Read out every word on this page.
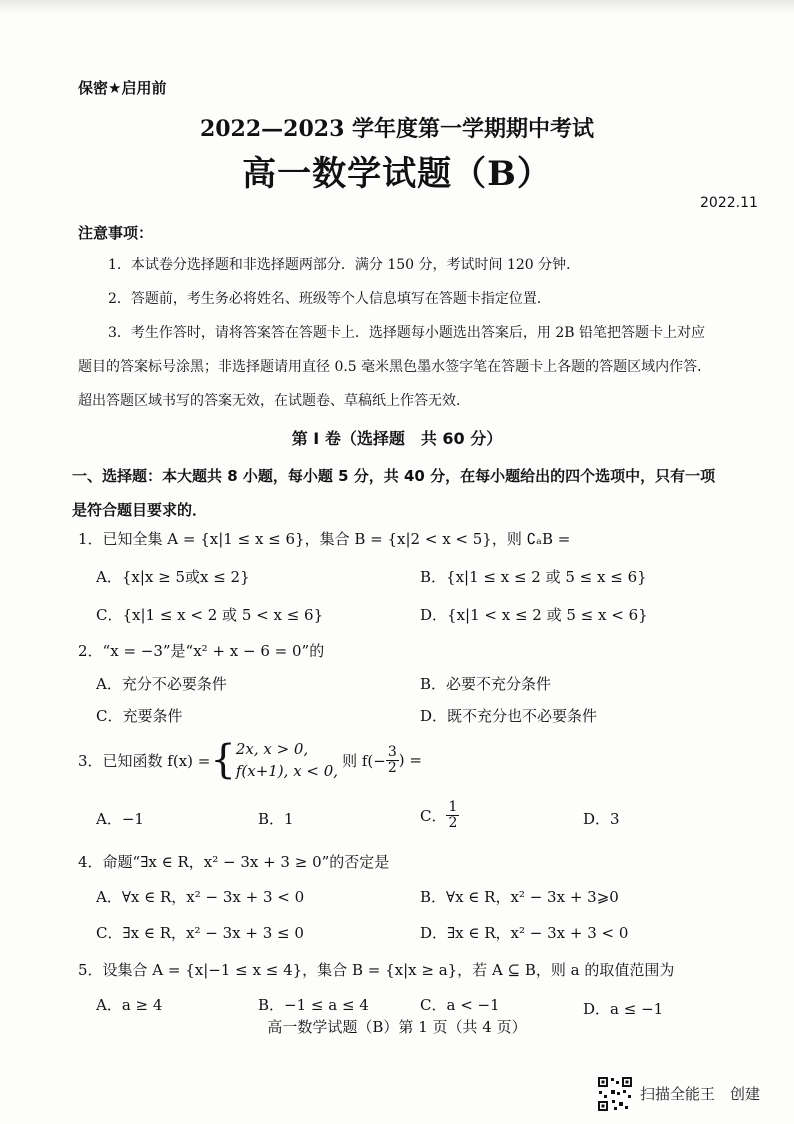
保密★启用前
2022—2023 学年度第一学期期中考试
高一数学试题（B）
2022.11
注意事项：
1．本试卷分选择题和非选择题两部分．满分 150 分，考试时间 120 分钟．
2．答题前，考生务必将姓名、班级等个人信息填写在答题卡指定位置．
3．考生作答时，请将答案答在答题卡上．选择题每小题选出答案后，用 2B 铅笔把答题卡上对应题目的答案标号涂黑；非选择题请用直径 0.5 毫米黑色墨水签字笔在答题卡上各题的答题区域内作答．超出答题区域书写的答案无效，在试题卷、草稿纸上作答无效．
第 I 卷（选择题　共 60 分）
一、选择题：本大题共 8 小题，每小题 5 分，共 40 分，在每小题给出的四个选项中，只有一项是符合题目要求的．
1．已知全集 A = {x|1 ≤ x ≤ 6}，集合 B = {x|2 < x < 5}，则 ∁ₐB =
A．{x|x ≥ 5或x ≤ 2}	B．{x|1 ≤ x ≤ 2 或 5 ≤ x ≤ 6}
C．{x|1 ≤ x < 2 或 5 < x ≤ 6}	D．{x|1 < x ≤ 2 或 5 ≤ x < 6}
2．“x = −3”是“x² + x − 6 = 0”的
A．充分不必要条件	B．必要不充分条件
C．充要条件	D．既不充分也不必要条件
3．已知函数 f(x) = { 2x, x > 0,
f(x+1), x < 0,
则 $f(- \frac{3}{2}$ ) =
A．−1	B．1	C． $\frac{1}{2}$	D．3
4．命题“∃x ∈ R，x² − 3x + 3 ≥ 0”的否定是
A．∀x ∈ R，x² − 3x + 3 < 0	B．∀x ∈ R，x² − 3x + 3⩾0
C．∃x ∈ R，x² − 3x + 3 ≤ 0	D．∃x ∈ R，x² − 3x + 3 < 0
5．设集合 A = {x|−1 ≤ x ≤ 4}，集合 B = {x|x ≥ a}，若 A ⊆ B，则 a 的取值范围为
A．a ≥ 4	B．−1 ≤ a ≤ 4	C．a < −1	D．a ≤ −1
高一数学试题（B）第 1 页（共 4 页）
扫描全能王　创建
